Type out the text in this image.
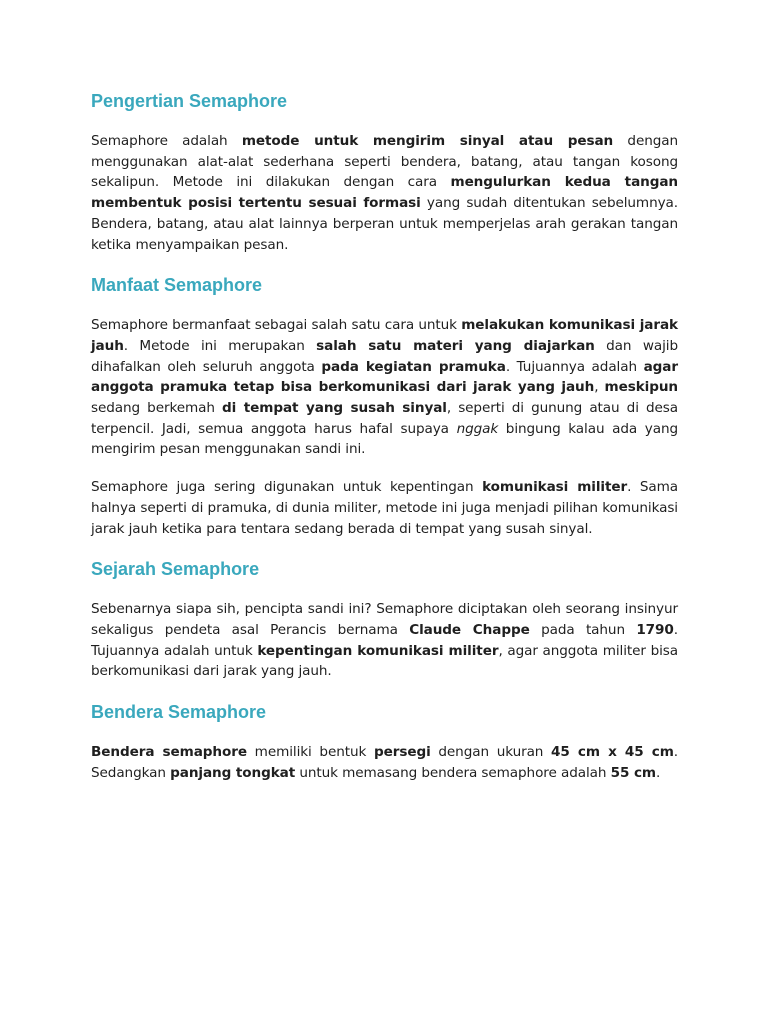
Pengertian Semaphore
Semaphore adalah metode untuk mengirim sinyal atau pesan dengan menggunakan alat-alat sederhana seperti bendera, batang, atau tangan kosong sekalipun. Metode ini dilakukan dengan cara mengulurkan kedua tangan membentuk posisi tertentu sesuai formasi yang sudah ditentukan sebelumnya. Bendera, batang, atau alat lainnya berperan untuk memperjelas arah gerakan tangan ketika menyampaikan pesan.
Manfaat Semaphore
Semaphore bermanfaat sebagai salah satu cara untuk melakukan komunikasi jarak jauh. Metode ini merupakan salah satu materi yang diajarkan dan wajib dihafalkan oleh seluruh anggota pada kegiatan pramuka. Tujuannya adalah agar anggota pramuka tetap bisa berkomunikasi dari jarak yang jauh, meskipun sedang berkemah di tempat yang susah sinyal, seperti di gunung atau di desa terpencil. Jadi, semua anggota harus hafal supaya nggak bingung kalau ada yang mengirim pesan menggunakan sandi ini.
Semaphore juga sering digunakan untuk kepentingan komunikasi militer. Sama halnya seperti di pramuka, di dunia militer, metode ini juga menjadi pilihan komunikasi jarak jauh ketika para tentara sedang berada di tempat yang susah sinyal.
Sejarah Semaphore
Sebenarnya siapa sih, pencipta sandi ini? Semaphore diciptakan oleh seorang insinyur sekaligus pendeta asal Perancis bernama Claude Chappe pada tahun 1790. Tujuannya adalah untuk kepentingan komunikasi militer, agar anggota militer bisa berkomunikasi dari jarak yang jauh.
Bendera Semaphore
Bendera semaphore memiliki bentuk persegi dengan ukuran 45 cm x 45 cm. Sedangkan panjang tongkat untuk memasang bendera semaphore adalah 55 cm.
